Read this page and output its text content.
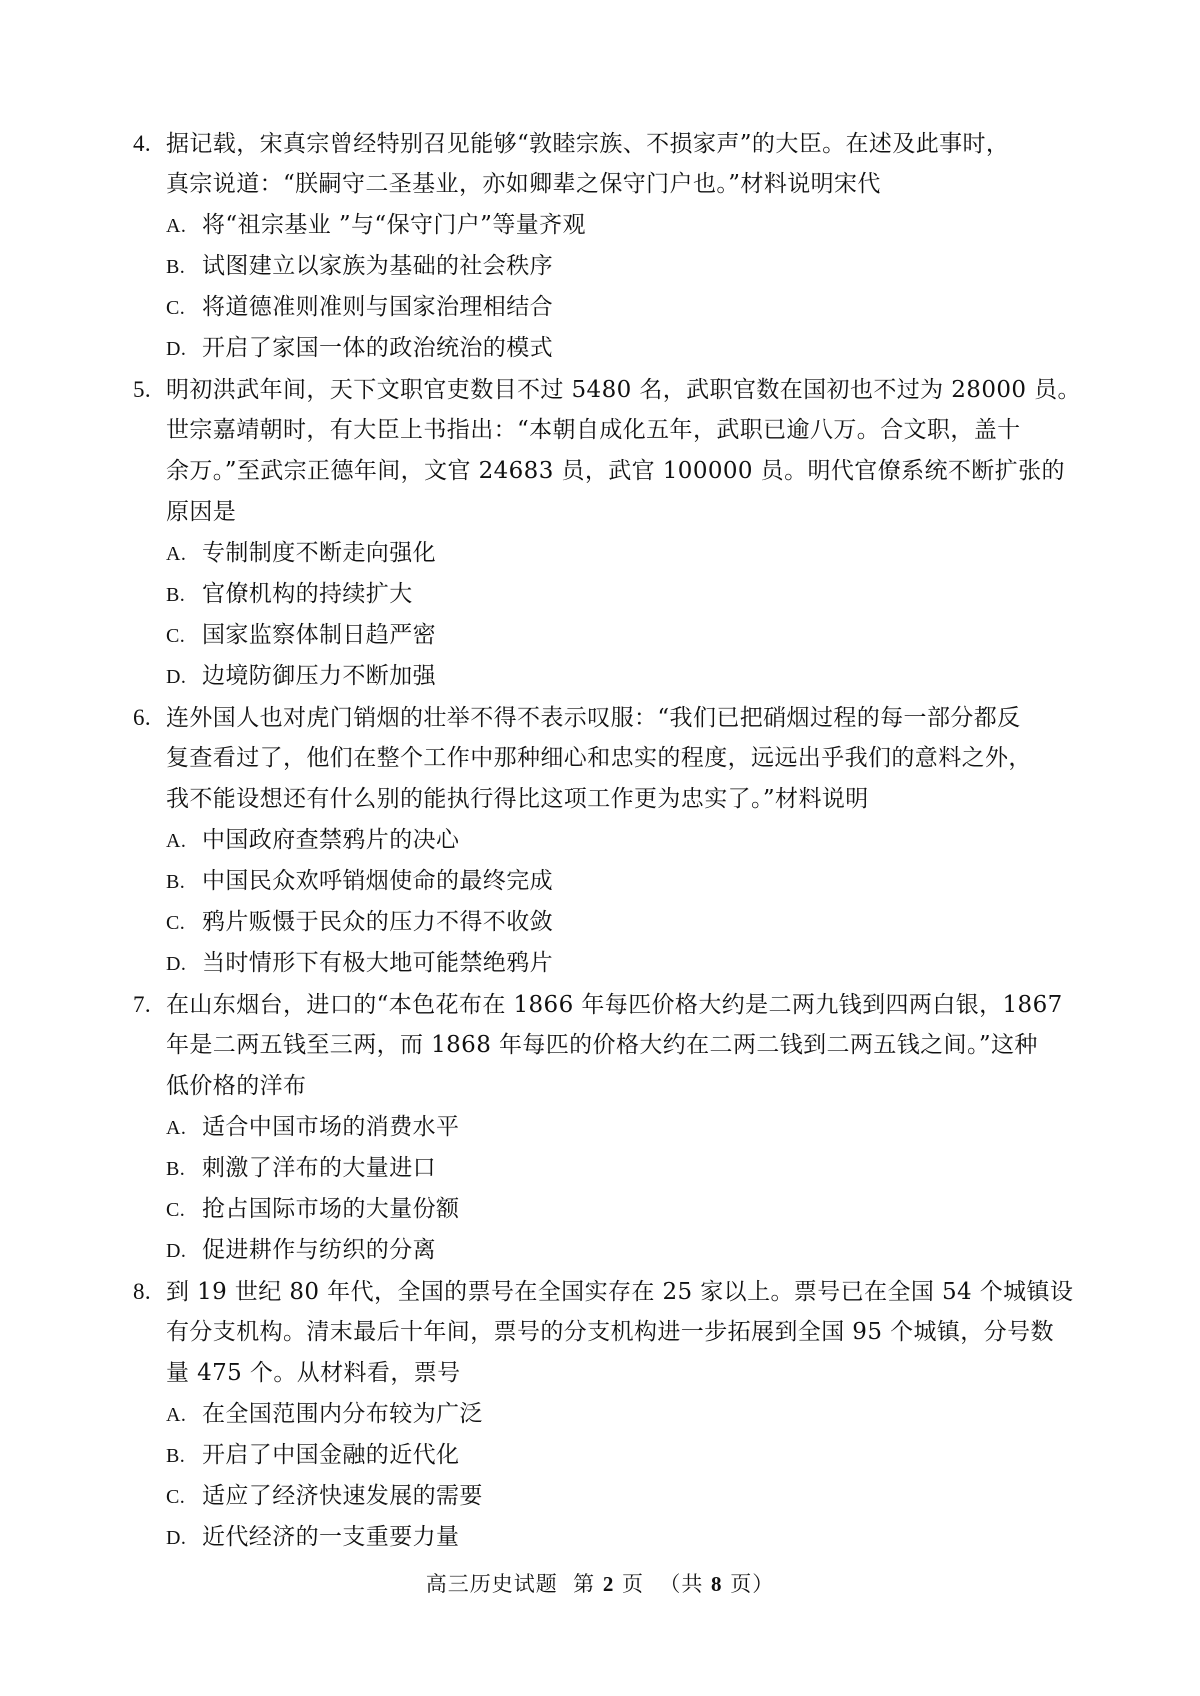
4. 据记载，宋真宗曾经特别召见能够“敦睦宗族、不损家声”的大臣。在述及此事时，
真宗说道：“朕嗣守二圣基业，亦如卿辈之保守门户也。”材料说明宋代
A. 将“祖宗基业 ”与“保守门户”等量齐观
B. 试图建立以家族为基础的社会秩序
C. 将道德准则准则与国家治理相结合
D. 开启了家国一体的政治统治的模式
5. 明初洪武年间，天下文职官吏数目不过 5480 名，武职官数在国初也不过为 28000 员。
世宗嘉靖朝时，有大臣上书指出：“本朝自成化五年，武职已逾八万。合文职，盖十
余万。”至武宗正德年间，文官 24683 员，武官 100000 员。明代官僚系统不断扩张的
原因是
A. 专制制度不断走向强化
B. 官僚机构的持续扩大
C. 国家监察体制日趋严密
D. 边境防御压力不断加强
6. 连外国人也对虎门销烟的壮举不得不表示叹服：“我们已把硝烟过程的每一部分都反
复查看过了，他们在整个工作中那种细心和忠实的程度，远远出乎我们的意料之外，
我不能设想还有什么别的能执行得比这项工作更为忠实了。”材料说明
A. 中国政府查禁鸦片的决心
B. 中国民众欢呼销烟使命的最终完成
C. 鸦片贩慑于民众的压力不得不收敛
D. 当时情形下有极大地可能禁绝鸦片
7. 在山东烟台，进口的“本色花布在 1866 年每匹价格大约是二两九钱到四两白银，1867
年是二两五钱至三两，而 1868 年每匹的价格大约在二两二钱到二两五钱之间。”这种
低价格的洋布
A. 适合中国市场的消费水平
B. 刺激了洋布的大量进口
C. 抢占国际市场的大量份额
D. 促进耕作与纺织的分离
8. 到 19 世纪 80 年代，全国的票号在全国实存在 25 家以上。票号已在全国 54 个城镇设
有分支机构。清末最后十年间，票号的分支机构进一步拓展到全国 95 个城镇，分号数
量 475 个。从材料看，票号
A. 在全国范围内分布较为广泛
B. 开启了中国金融的近代化
C. 适应了经济快速发展的需要
D. 近代经济的一支重要力量
高三历史试题 第 2 页 （共 8 页）
